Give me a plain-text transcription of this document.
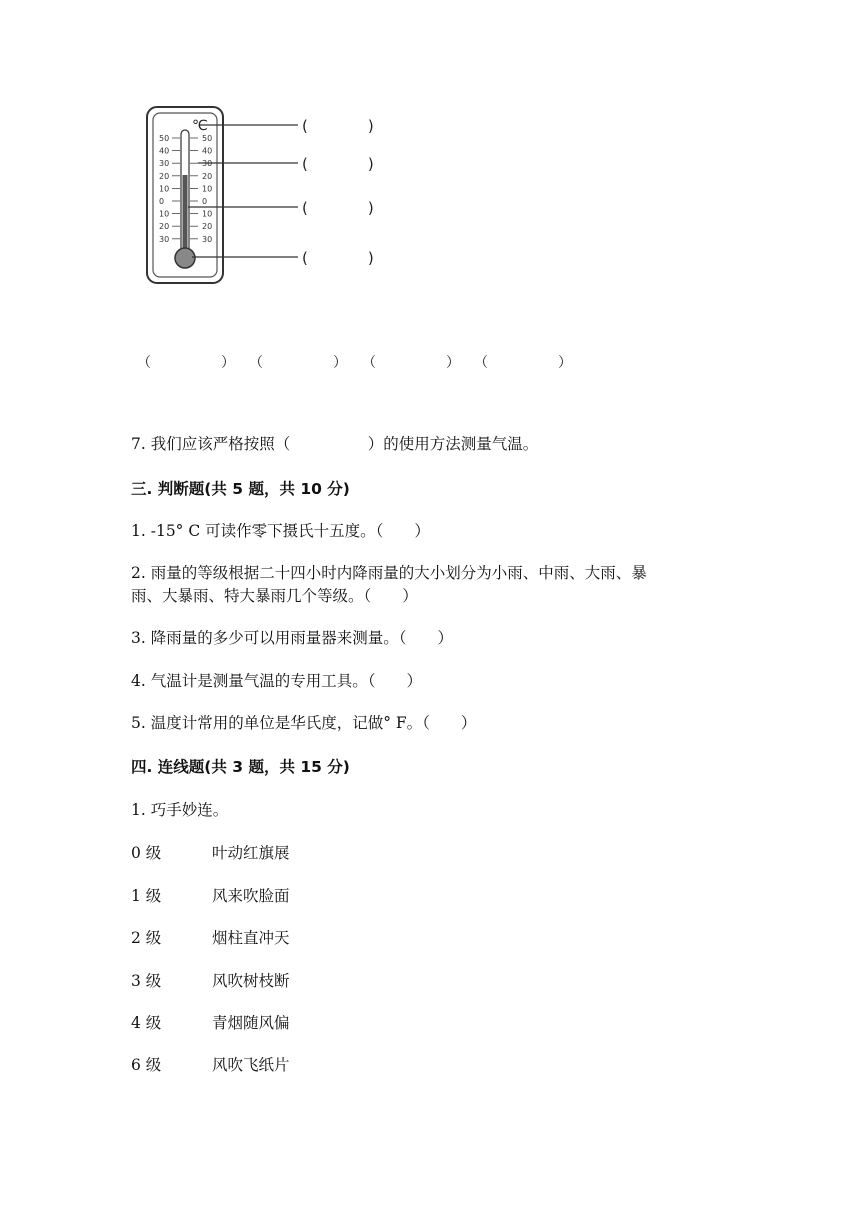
℃
50
40
30
20
10
0
10
20
30
50
40
30
20
10
0
10
20
30
(　　　　)
(　　　　)
(　　　　)
(　　　　)
（　　　　　） （　　　　　） （　　　　　） （　　　　　）
7. 我们应该严格按照（　　　　　）的使用方法测量气温。
三. 判断题(共 5 题，共 10 分)
1. -15° C 可读作零下摄氏十五度。（　　）
2. 雨量的等级根据二十四小时内降雨量的大小划分为小雨、中雨、大雨、暴
雨、大暴雨、特大暴雨几个等级。（　　）
3. 降雨量的多少可以用雨量器来测量。（　　）
4. 气温计是测量气温的专用工具。（　　）
5. 温度计常用的单位是华氏度，记做° F。（　　）
四. 连线题(共 3 题，共 15 分)
1. 巧手妙连。
0 级	叶动红旗展
1 级	风来吹脸面
2 级	烟柱直冲天
3 级	风吹树枝断
4 级	青烟随风偏
6 级	风吹飞纸片
